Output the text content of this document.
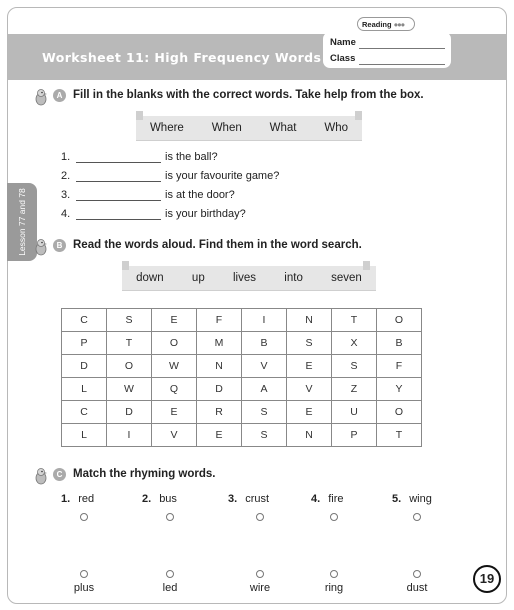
Reading ●●●
Worksheet 11: High Frequency Words
Name
Class
Lesson 77 and 78
A Fill in the blanks with the correct words. Take help from the box.
Where When What Who
1.	is the ball?
2.	is your favourite game?
3.	is at the door?
4.	is your birthday?
B Read the words aloud. Find them in the word search.
down up lives into seven
C	S	E	F	I	N	T	O
P	T	O	M	B	S	X	B
D	O	W	N	V	E	S	F
L	W	Q	D	A	V	Z	Y
C	D	E	R	S	E	U	O
L	I	V	E	S	N	P	T
C Match the rhyming words.
1. red	2. bus	3. crust	4. fire	5. wing
plus	led	wire	ring	dust
19
